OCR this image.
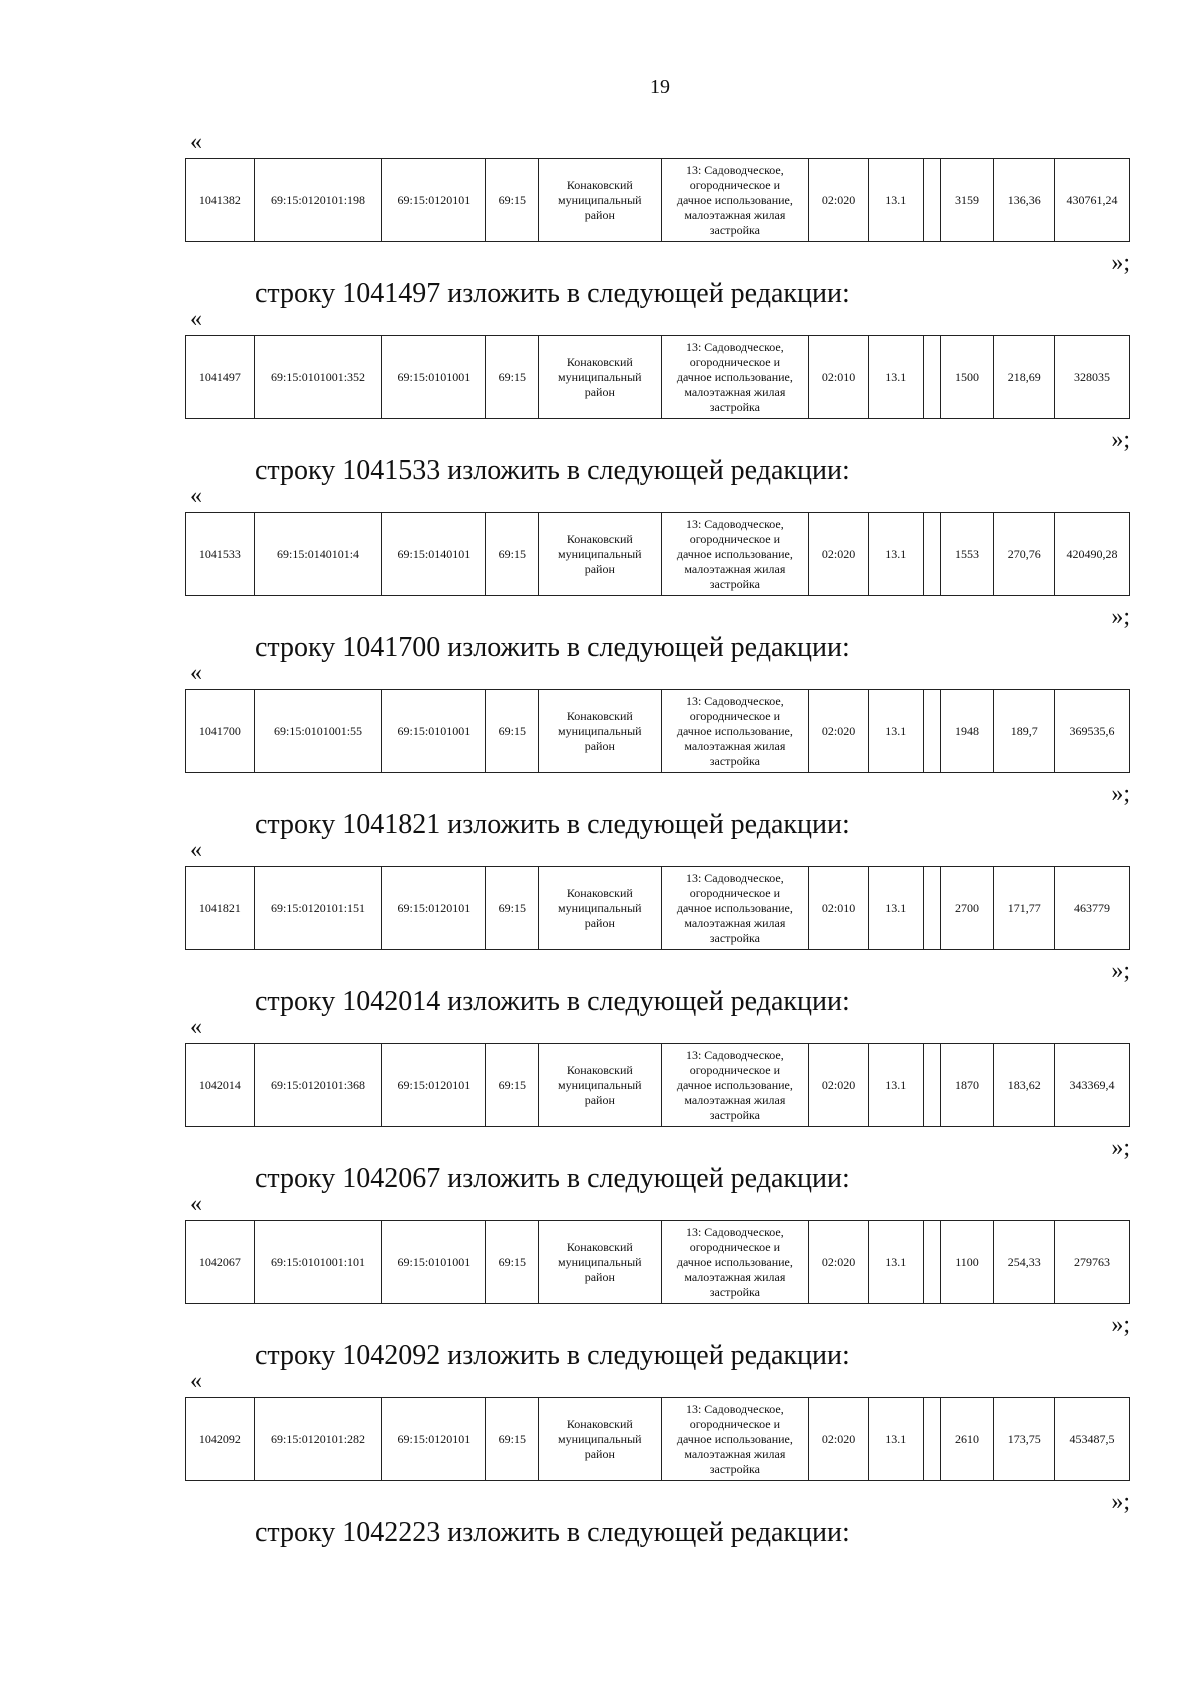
19
«
1041382	69:15:0120101:198	69:15:0120101	69:15	Конаковский
муниципальный
район	13: Садоводческое,
огородническое и
дачное использование,
малоэтажная жилая
застройка	02:020	13.1		3159	136,36	430761,24
»;
строку 1041497 изложить в следующей редакции:
«
1041497	69:15:0101001:352	69:15:0101001	69:15	Конаковский
муниципальный
район	13: Садоводческое,
огородническое и
дачное использование,
малоэтажная жилая
застройка	02:010	13.1		1500	218,69	328035
»;
строку 1041533 изложить в следующей редакции:
«
1041533	69:15:0140101:4	69:15:0140101	69:15	Конаковский
муниципальный
район	13: Садоводческое,
огородническое и
дачное использование,
малоэтажная жилая
застройка	02:020	13.1		1553	270,76	420490,28
»;
строку 1041700 изложить в следующей редакции:
«
1041700	69:15:0101001:55	69:15:0101001	69:15	Конаковский
муниципальный
район	13: Садоводческое,
огородническое и
дачное использование,
малоэтажная жилая
застройка	02:020	13.1		1948	189,7	369535,6
»;
строку 1041821 изложить в следующей редакции:
«
1041821	69:15:0120101:151	69:15:0120101	69:15	Конаковский
муниципальный
район	13: Садоводческое,
огородническое и
дачное использование,
малоэтажная жилая
застройка	02:010	13.1		2700	171,77	463779
»;
строку 1042014 изложить в следующей редакции:
«
1042014	69:15:0120101:368	69:15:0120101	69:15	Конаковский
муниципальный
район	13: Садоводческое,
огородническое и
дачное использование,
малоэтажная жилая
застройка	02:020	13.1		1870	183,62	343369,4
»;
строку 1042067 изложить в следующей редакции:
«
1042067	69:15:0101001:101	69:15:0101001	69:15	Конаковский
муниципальный
район	13: Садоводческое,
огородническое и
дачное использование,
малоэтажная жилая
застройка	02:020	13.1		1100	254,33	279763
»;
строку 1042092 изложить в следующей редакции:
«
1042092	69:15:0120101:282	69:15:0120101	69:15	Конаковский
муниципальный
район	13: Садоводческое,
огородническое и
дачное использование,
малоэтажная жилая
застройка	02:020	13.1		2610	173,75	453487,5
»;
строку 1042223 изложить в следующей редакции:
